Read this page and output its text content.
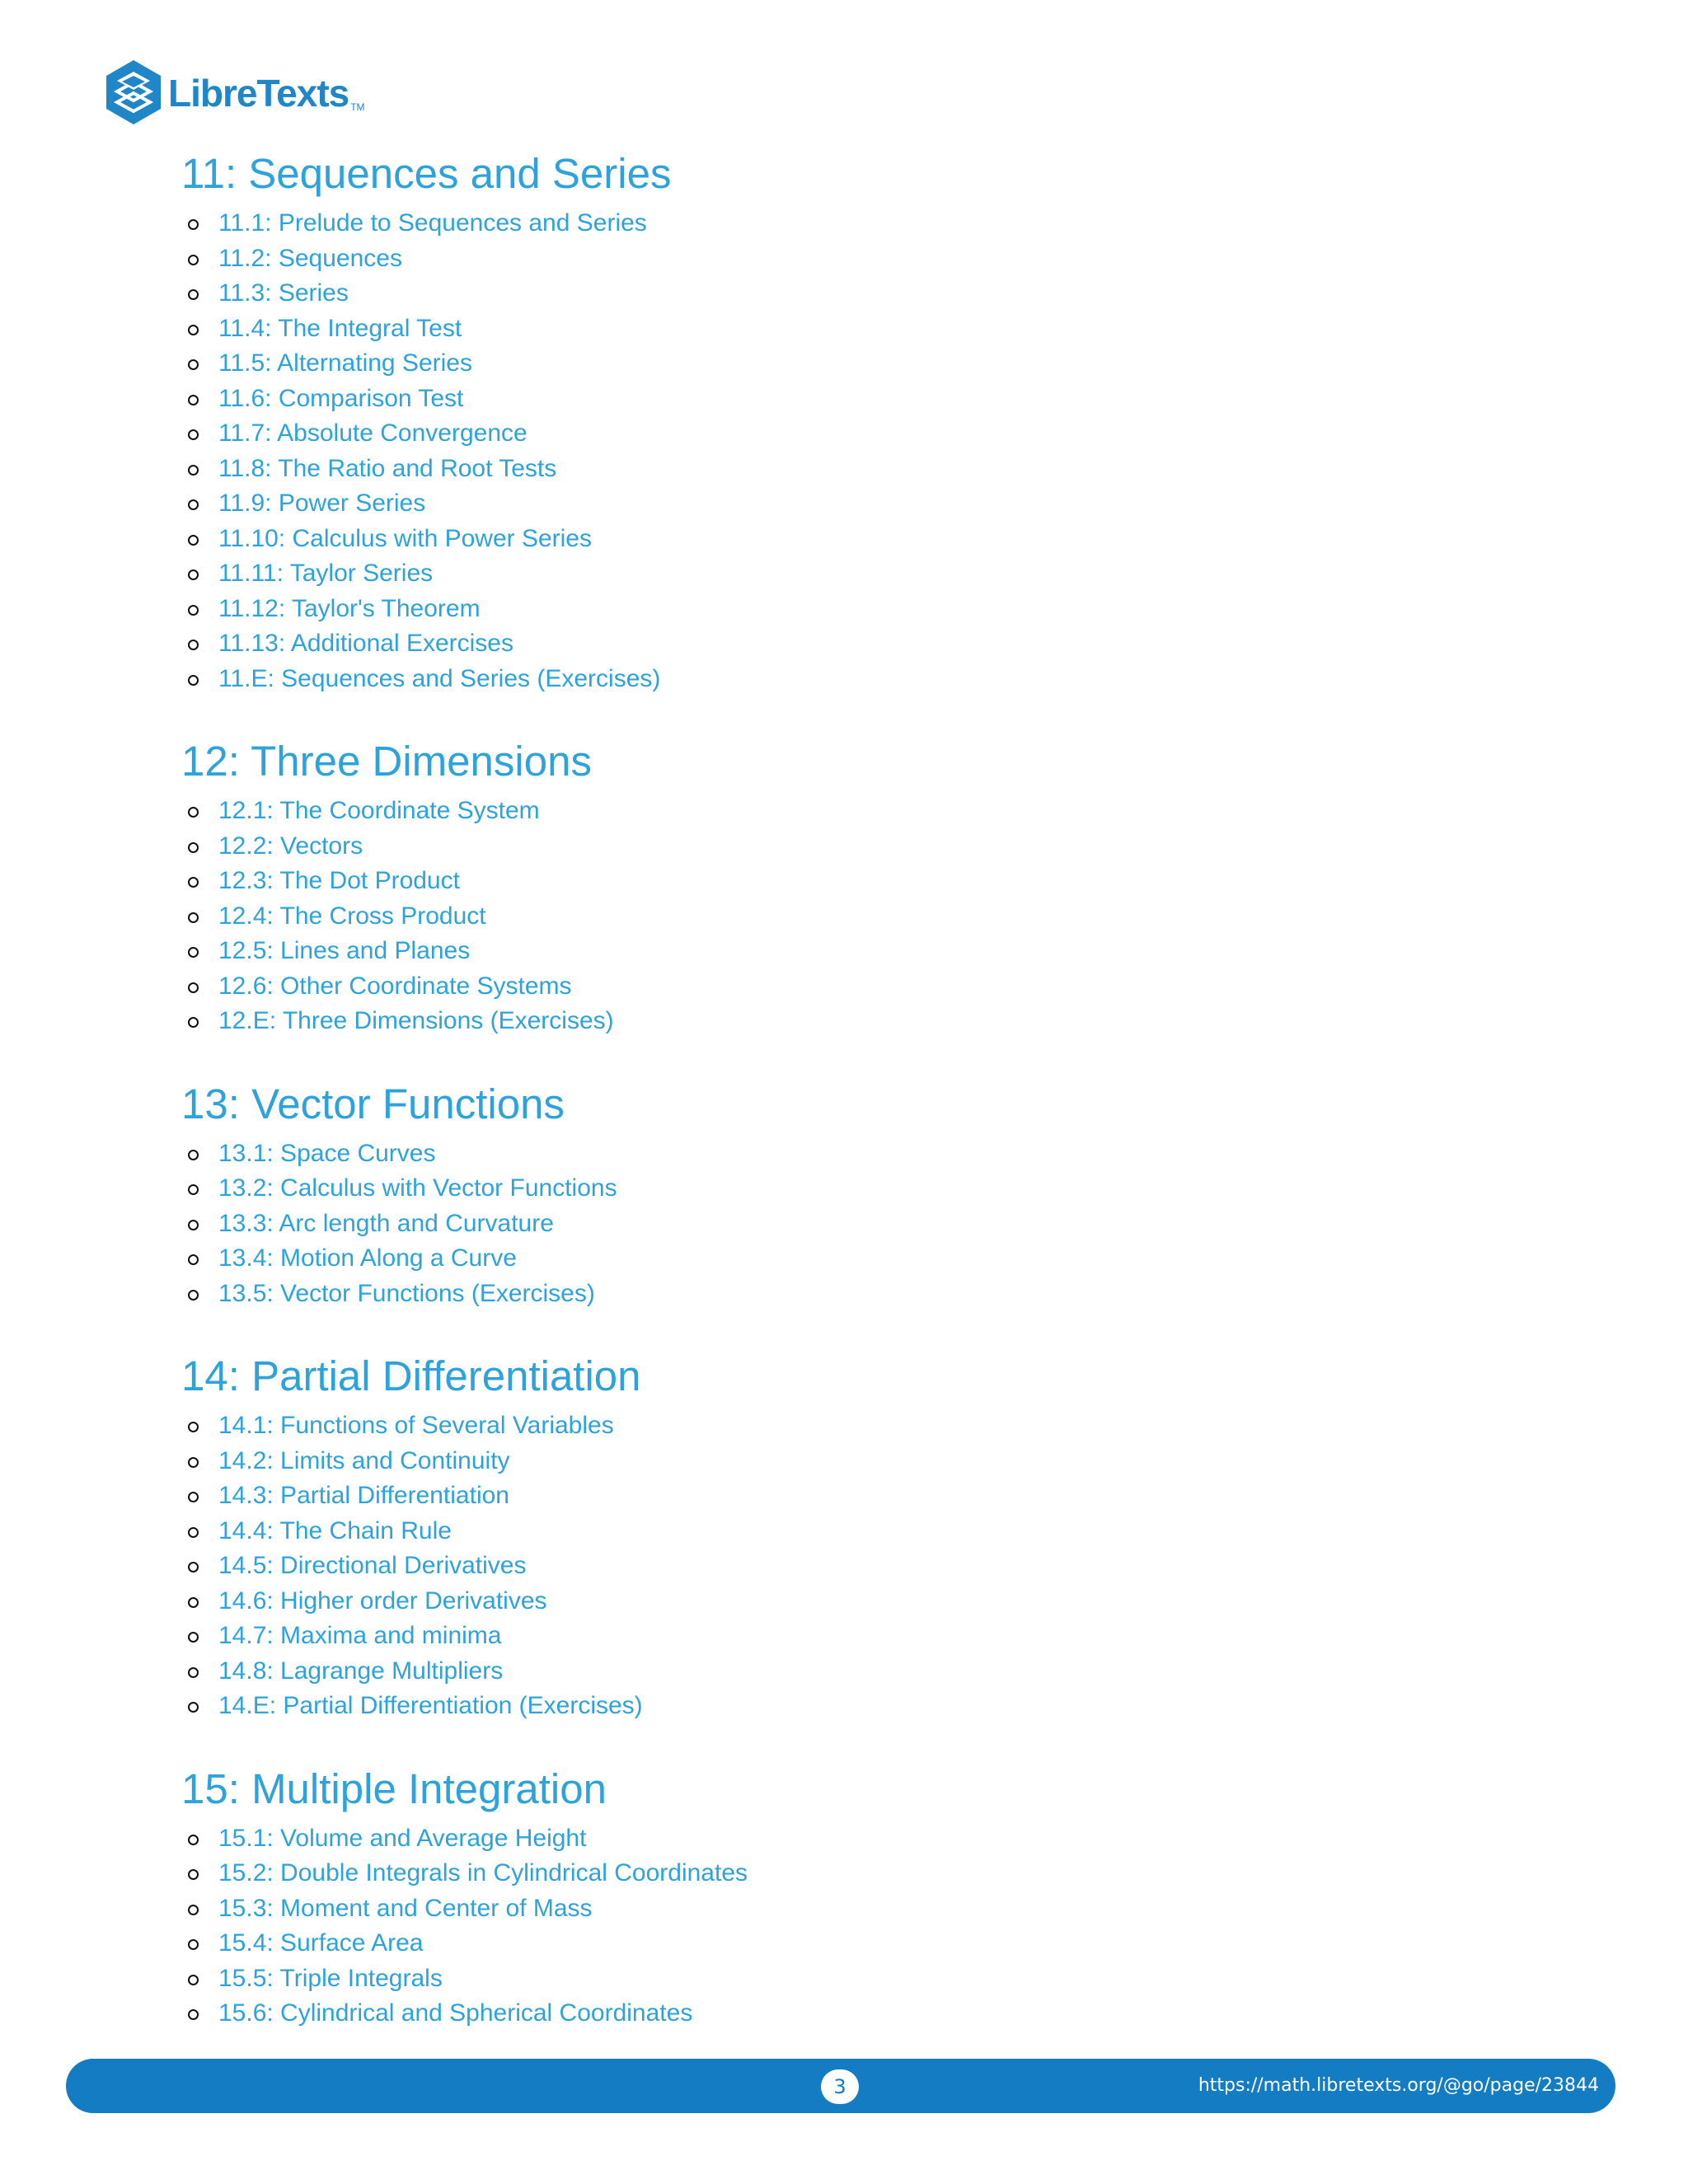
LibreTexts TM
11: Sequences and Series
11.1: Prelude to Sequences and Series
11.2: Sequences
11.3: Series
11.4: The Integral Test
11.5: Alternating Series
11.6: Comparison Test
11.7: Absolute Convergence
11.8: The Ratio and Root Tests
11.9: Power Series
11.10: Calculus with Power Series
11.11: Taylor Series
11.12: Taylor's Theorem
11.13: Additional Exercises
11.E: Sequences and Series (Exercises)
12: Three Dimensions
12.1: The Coordinate System
12.2: Vectors
12.3: The Dot Product
12.4: The Cross Product
12.5: Lines and Planes
12.6: Other Coordinate Systems
12.E: Three Dimensions (Exercises)
13: Vector Functions
13.1: Space Curves
13.2: Calculus with Vector Functions
13.3: Arc length and Curvature
13.4: Motion Along a Curve
13.5: Vector Functions (Exercises)
14: Partial Differentiation
14.1: Functions of Several Variables
14.2: Limits and Continuity
14.3: Partial Differentiation
14.4: The Chain Rule
14.5: Directional Derivatives
14.6: Higher order Derivatives
14.7: Maxima and minima
14.8: Lagrange Multipliers
14.E: Partial Differentiation (Exercises)
15: Multiple Integration
15.1: Volume and Average Height
15.2: Double Integrals in Cylindrical Coordinates
15.3: Moment and Center of Mass
15.4: Surface Area
15.5: Triple Integrals
15.6: Cylindrical and Spherical Coordinates
3	https://math.libretexts.org/@go/page/23844
